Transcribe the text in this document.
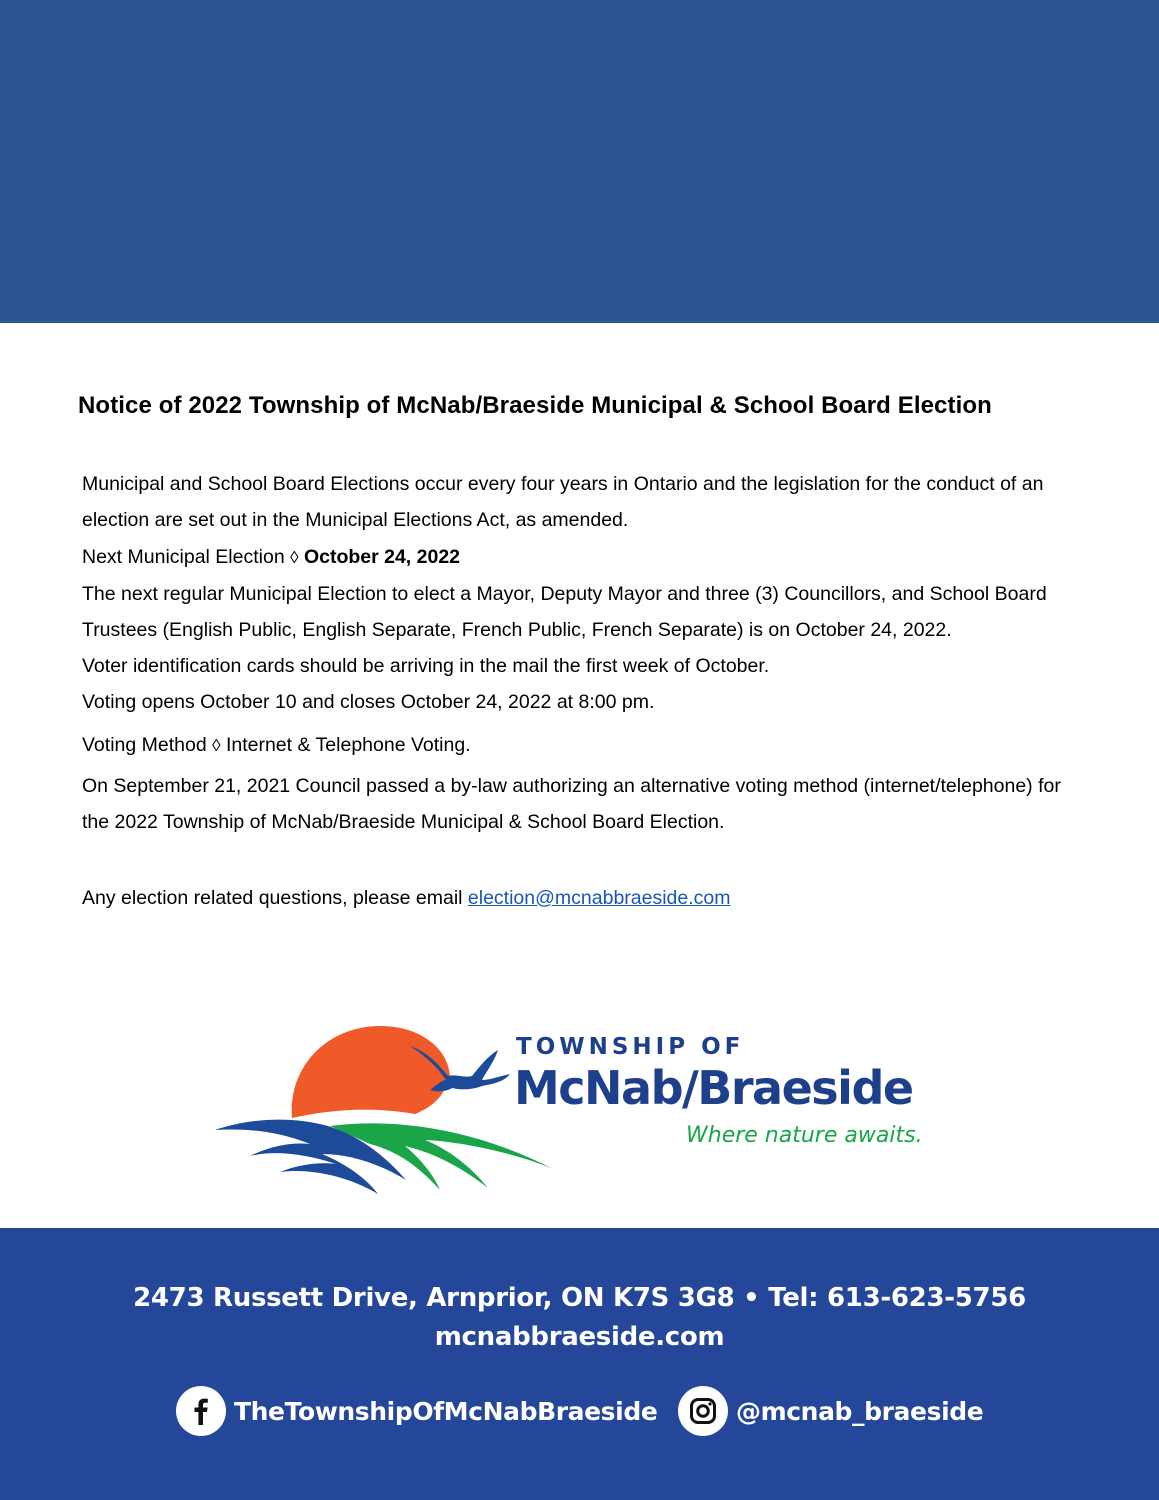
Notice of 2022 Township of McNab/Braeside Municipal & School Board Election
Municipal and School Board Elections occur every four years in Ontario and the legislation for the conduct of an
election are set out in the Municipal Elections Act, as amended.
Next Municipal Election ◊ October 24, 2022
The next regular Municipal Election to elect a Mayor, Deputy Mayor and three (3) Councillors, and School Board
Trustees (English Public, English Separate, French Public, French Separate) is on October 24, 2022.
Voter identification cards should be arriving in the mail the first week of October.
Voting opens October 10 and closes October 24, 2022 at 8:00 pm.
Voting Method ◊ Internet & Telephone Voting.
On September 21, 2021 Council passed a by-law authorizing an alternative voting method (internet/telephone) for
the 2022 Township of McNab/Braeside Municipal & School Board Election.
Any election related questions, please email election@mcnabbraeside.com
TOWNSHIP OF
McNab/Braeside
Where nature awaits.
2473 Russett Drive, Arnprior, ON K7S 3G8 • Tel: 613-623-5756
mcnabbraeside.com
TheTownshipOfMcNabBraeside	@mcnab_braeside
